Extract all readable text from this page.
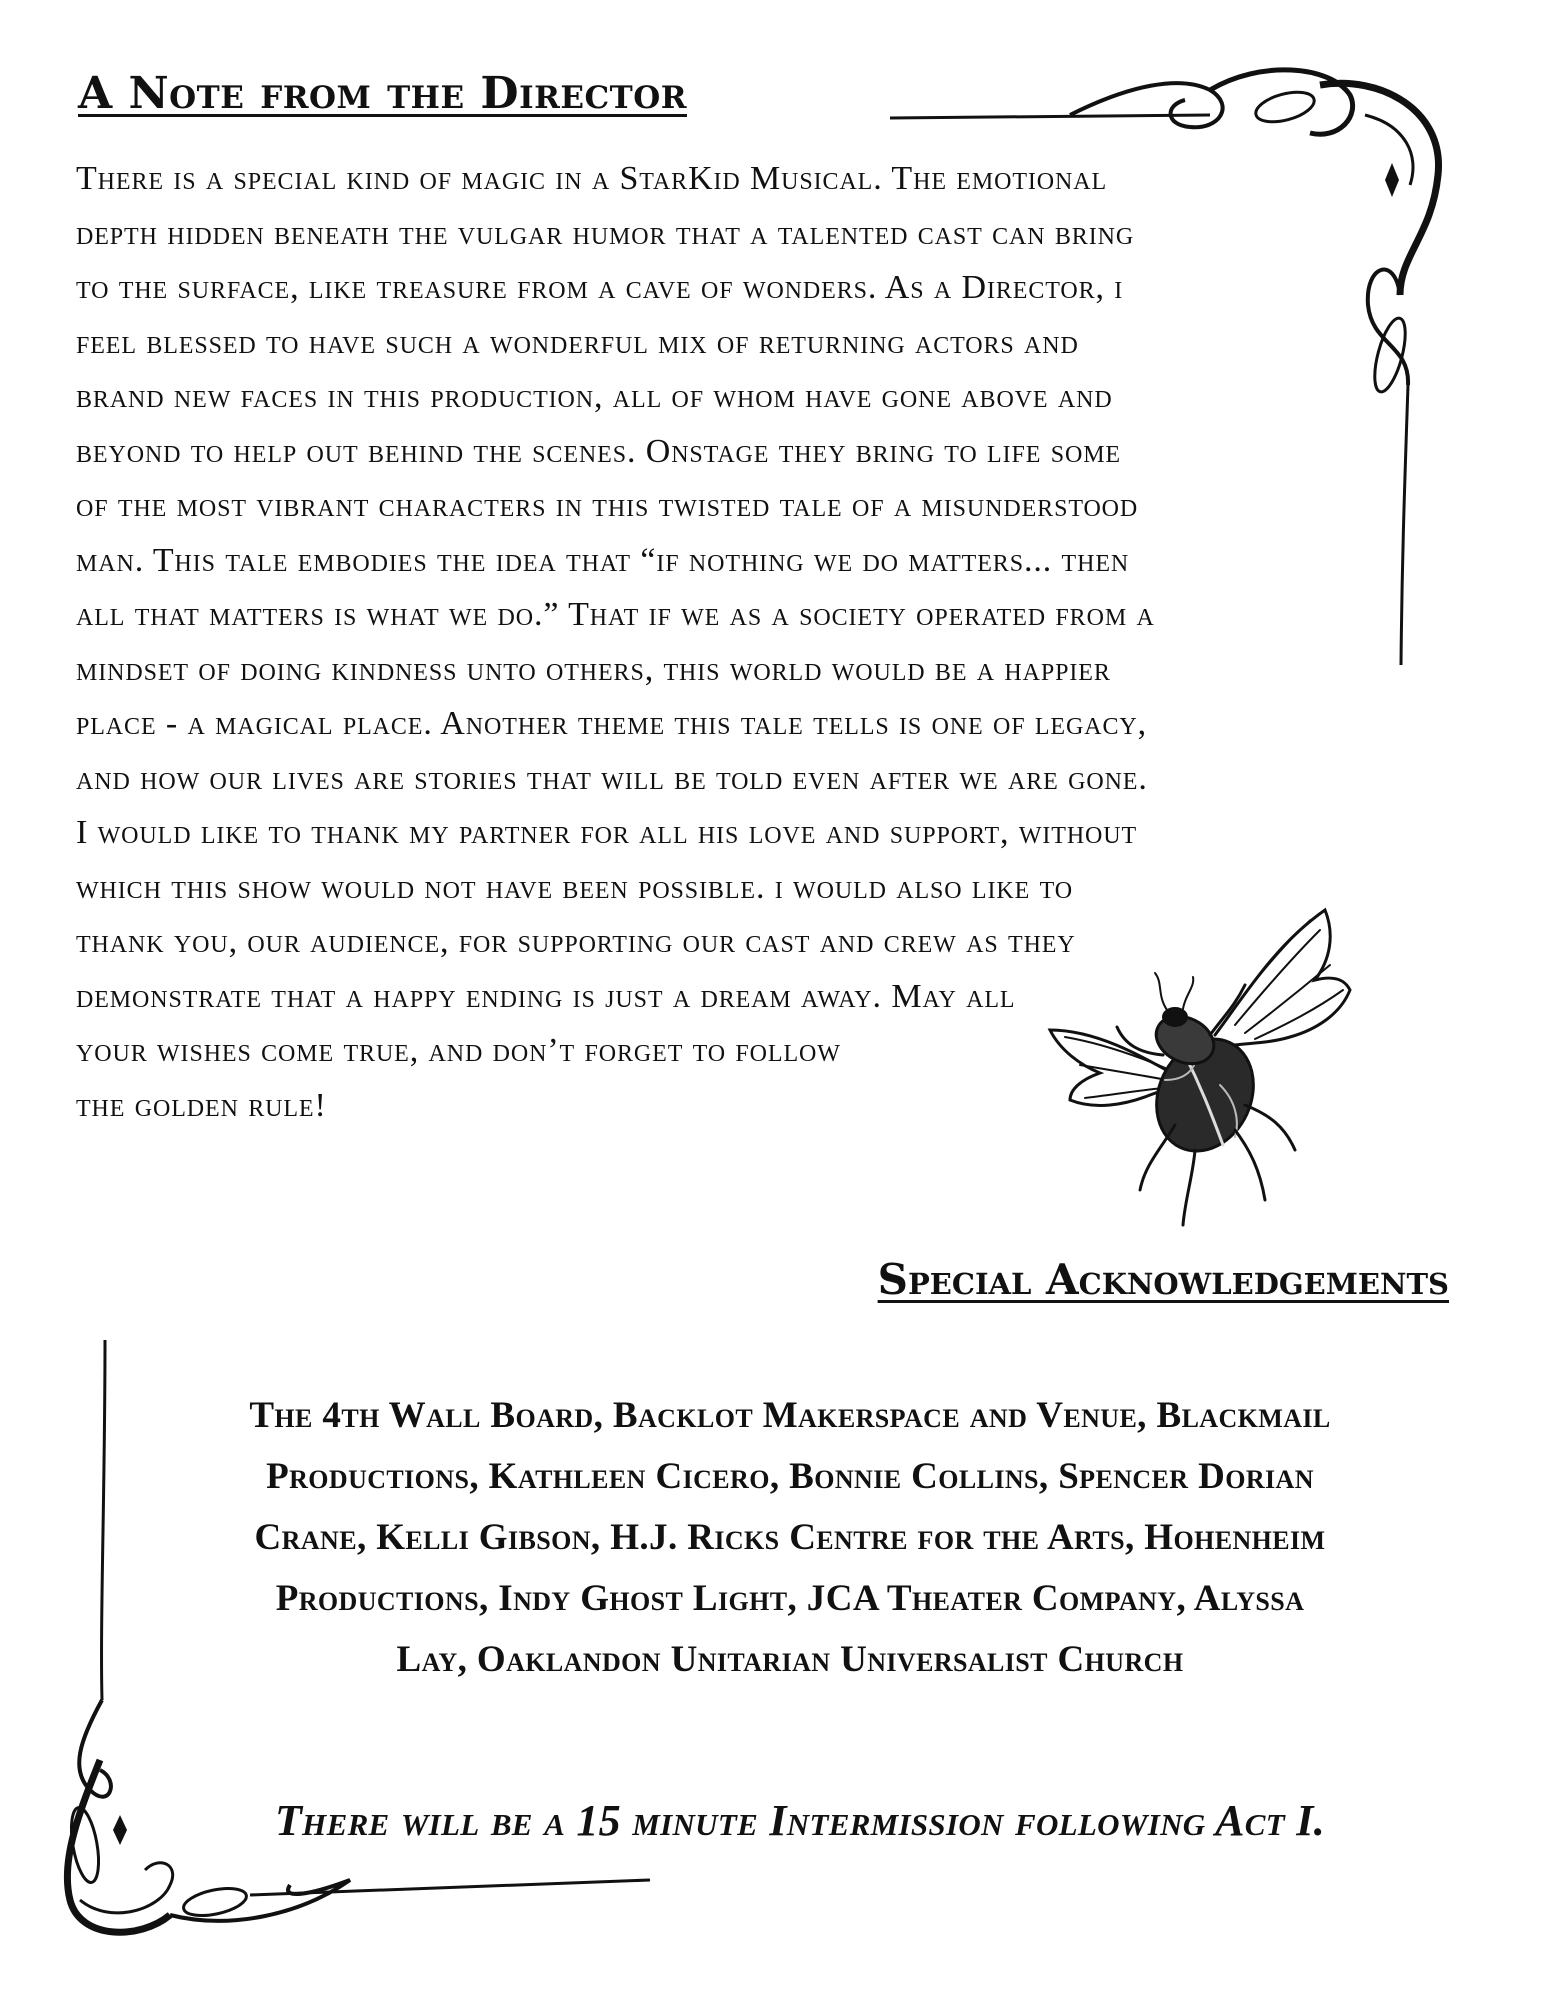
A Note from the Director
There is a special kind of magic in a StarKid Musical. The emotional
depth hidden beneath the vulgar humor that a talented cast can bring
to the surface, like treasure from a cave of wonders. As a Director, i
feel blessed to have such a wonderful mix of returning actors and
brand new faces in this production, all of whom have gone above and
beyond to help out behind the scenes. Onstage they bring to life some
of the most vibrant characters in this twisted tale of a misunderstood
man. This tale embodies the idea that “if nothing we do matters... then
all that matters is what we do.” That if we as a society operated from a
mindset of doing kindness unto others, this world would be a happier
place - a magical place. Another theme this tale tells is one of legacy,
and how our lives are stories that will be told even after we are gone.
I would like to thank my partner for all his love and support, without
which this show would not have been possible. i would also like to
thank you, our audience, for supporting our cast and crew as they
demonstrate that a happy ending is just a dream away. May all
your wishes come true, and don’t forget to follow
the golden rule!
Special Acknowledgements
The 4th Wall Board, Backlot Makerspace and Venue, Blackmail
Productions, Kathleen Cicero, Bonnie Collins, Spencer Dorian
Crane, Kelli Gibson, H.J. Ricks Centre for the Arts, Hohenheim
Productions, Indy Ghost Light, JCA Theater Company, Alyssa
Lay, Oaklandon Unitarian Universalist Church
There will be a 15 minute Intermission following Act I.
